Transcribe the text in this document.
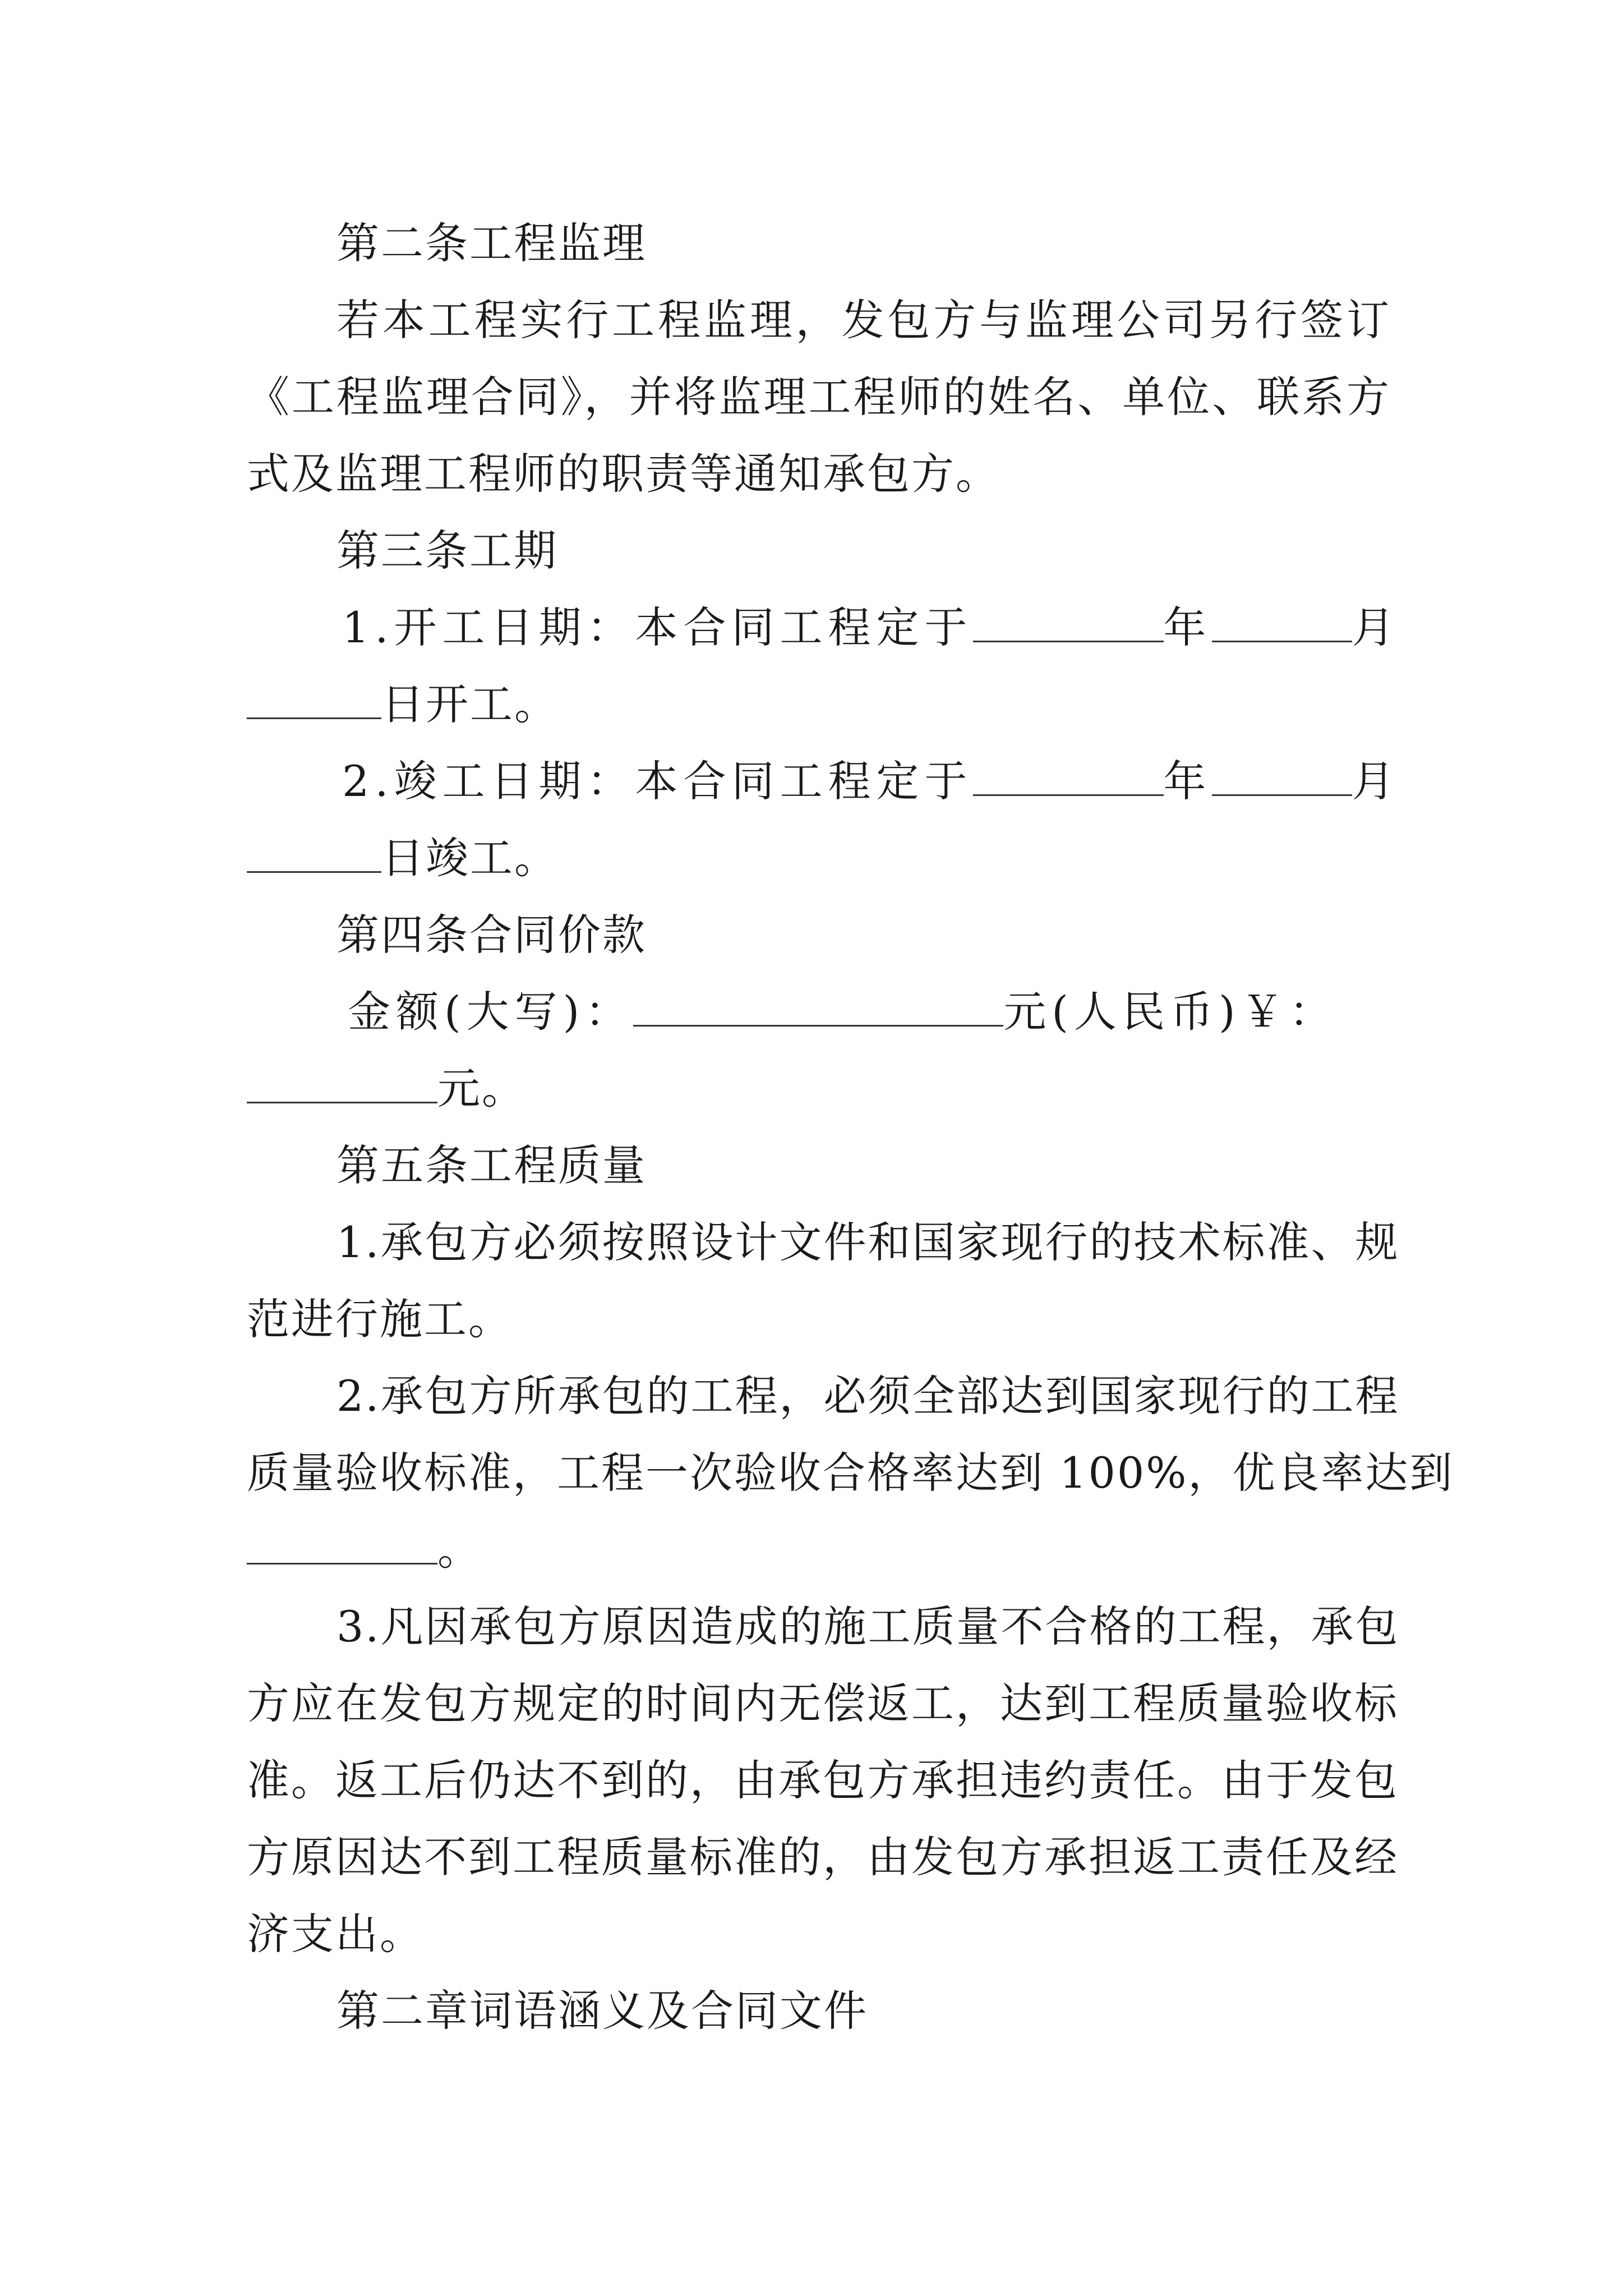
第二条工程监理
若本工程实行工程监理，发包方与监理公司另行签订
《工程监理合同》，并将监理工程师的姓名、单位、联系方
式及监理工程师的职责等通知承包方。
第三条工期
1.开工日期：本合同工程定于	年	月
日开工。
2.竣工日期：本合同工程定于	年	月
日竣工。
第四条合同价款
金额(大写)：	元(人民币)￥：
元。
第五条工程质量
1.承包方必须按照设计文件和国家现行的技术标准、规
范进行施工。
2.承包方所承包的工程，必须全部达到国家现行的工程
质量验收标准，工程一次验收合格率达到 100%，优良率达到
。
3.凡因承包方原因造成的施工质量不合格的工程，承包
方应在发包方规定的时间内无偿返工，达到工程质量验收标
准。返工后仍达不到的，由承包方承担违约责任。由于发包
方原因达不到工程质量标准的，由发包方承担返工责任及经
济支出。
第二章词语涵义及合同文件
